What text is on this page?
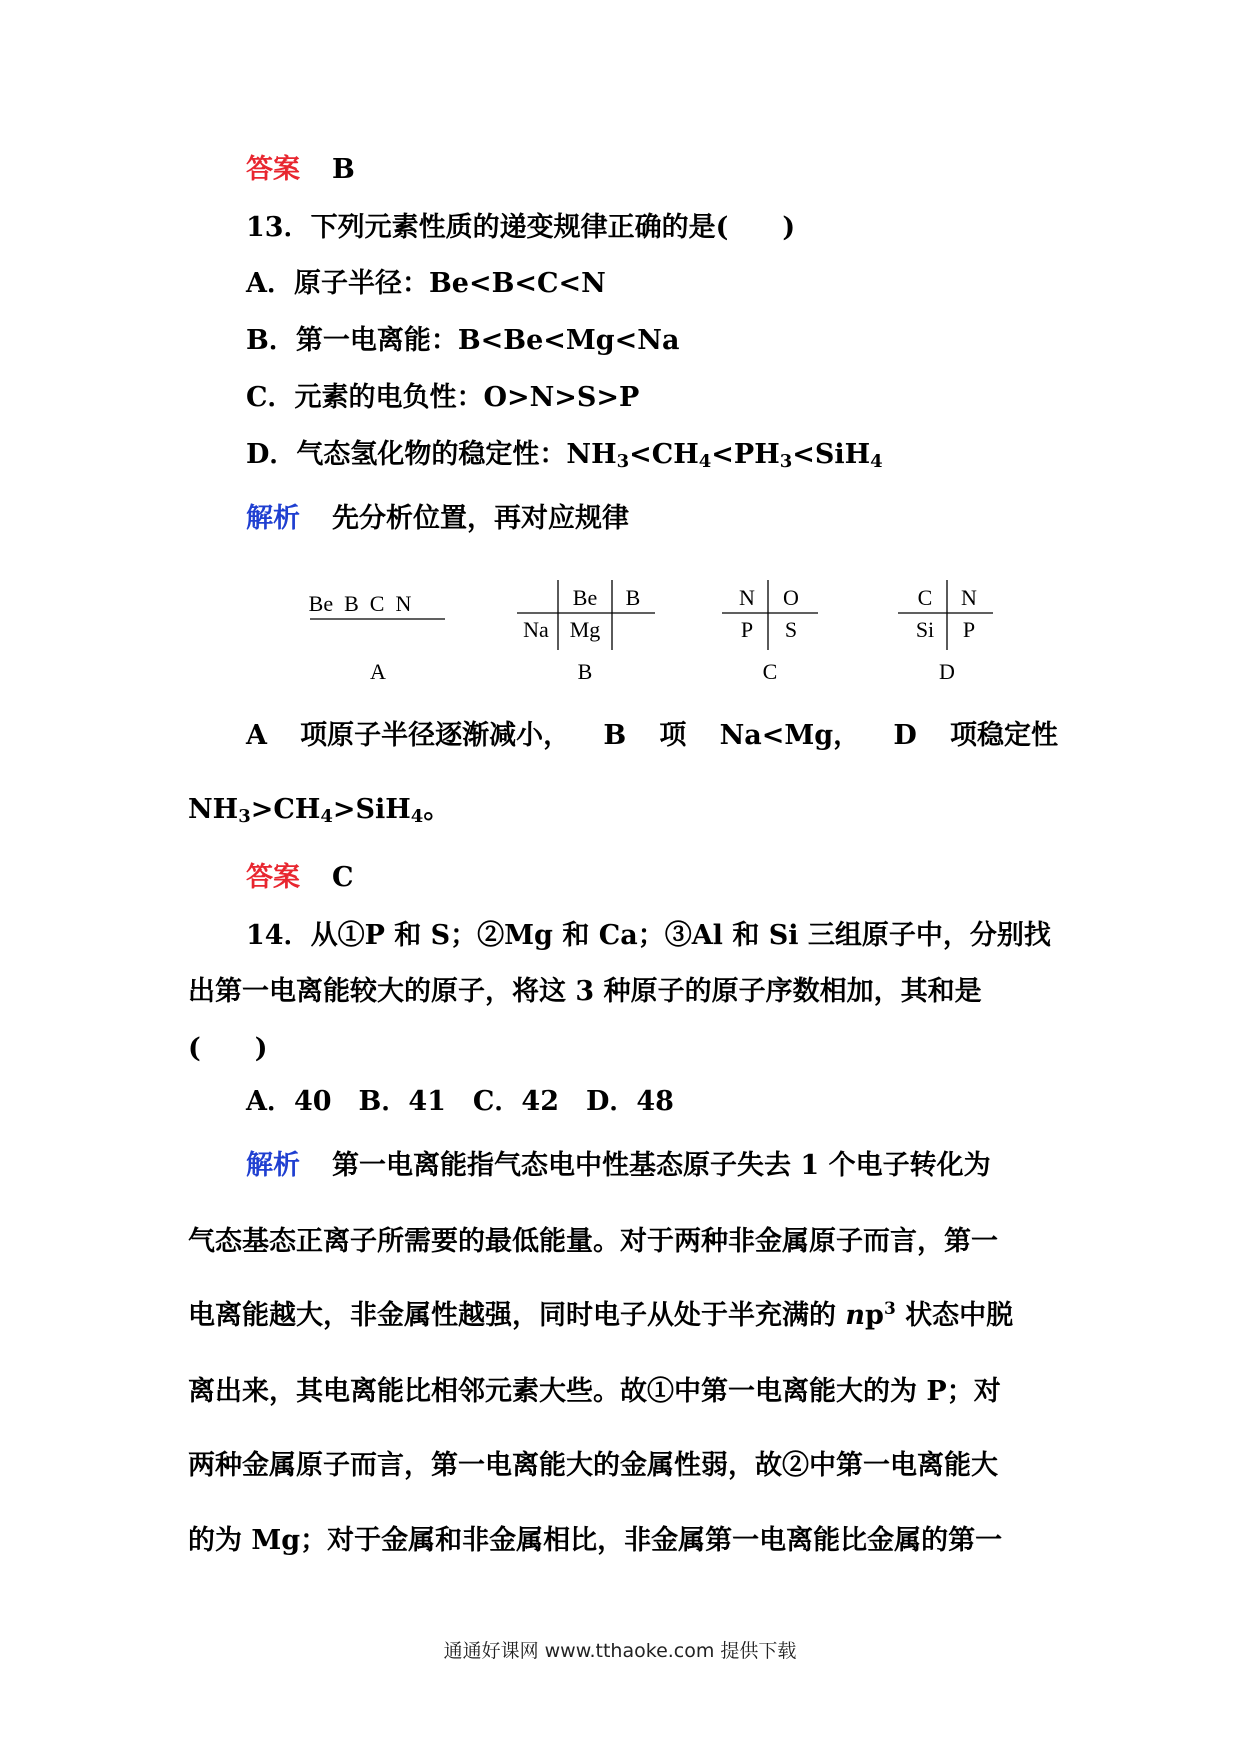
答案 B
13．下列元素性质的递变规律正确的是(　　)
A．原子半径：Be<B<C<N
B．第一电离能：B<Be<Mg<Na
C．元素的电负性：O>N>S>P
D．气态氢化物的稳定性：$NH_3<CH_4<PH_3<SiH_4$
解析 先分析位置，再对应规律
Be  B  C  N
A
Be B
Na Mg
B
N O
P S
C
C N
Si P
D
A 项原子半径逐渐减小， B 项 Na<Mg， D 项稳定性
$NH_3>CH_4>SiH_4$。
答案 C
14．从①P 和 S；②Mg 和 Ca；③Al 和 Si 三组原子中，分别找
出第一电离能较大的原子，将这 3 种原子的原子序数相加，其和是
(　　)
A．40　B．41　C．42　D．48
解析 第一电离能指气态电中性基态原子失去 1 个电子转化为
气态基态正离子所需要的最低能量。对于两种非金属原子而言，第一
电离能越大，非金属性越强，同时电子从处于半充满的 $np^3$ 状态中脱
离出来，其电离能比相邻元素大些。故①中第一电离能大的为 P；对
两种金属原子而言，第一电离能大的金属性弱，故②中第一电离能大
的为 Mg；对于金属和非金属相比，非金属第一电离能比金属的第一
通通好课网 www.tthaoke.com 提供下载
